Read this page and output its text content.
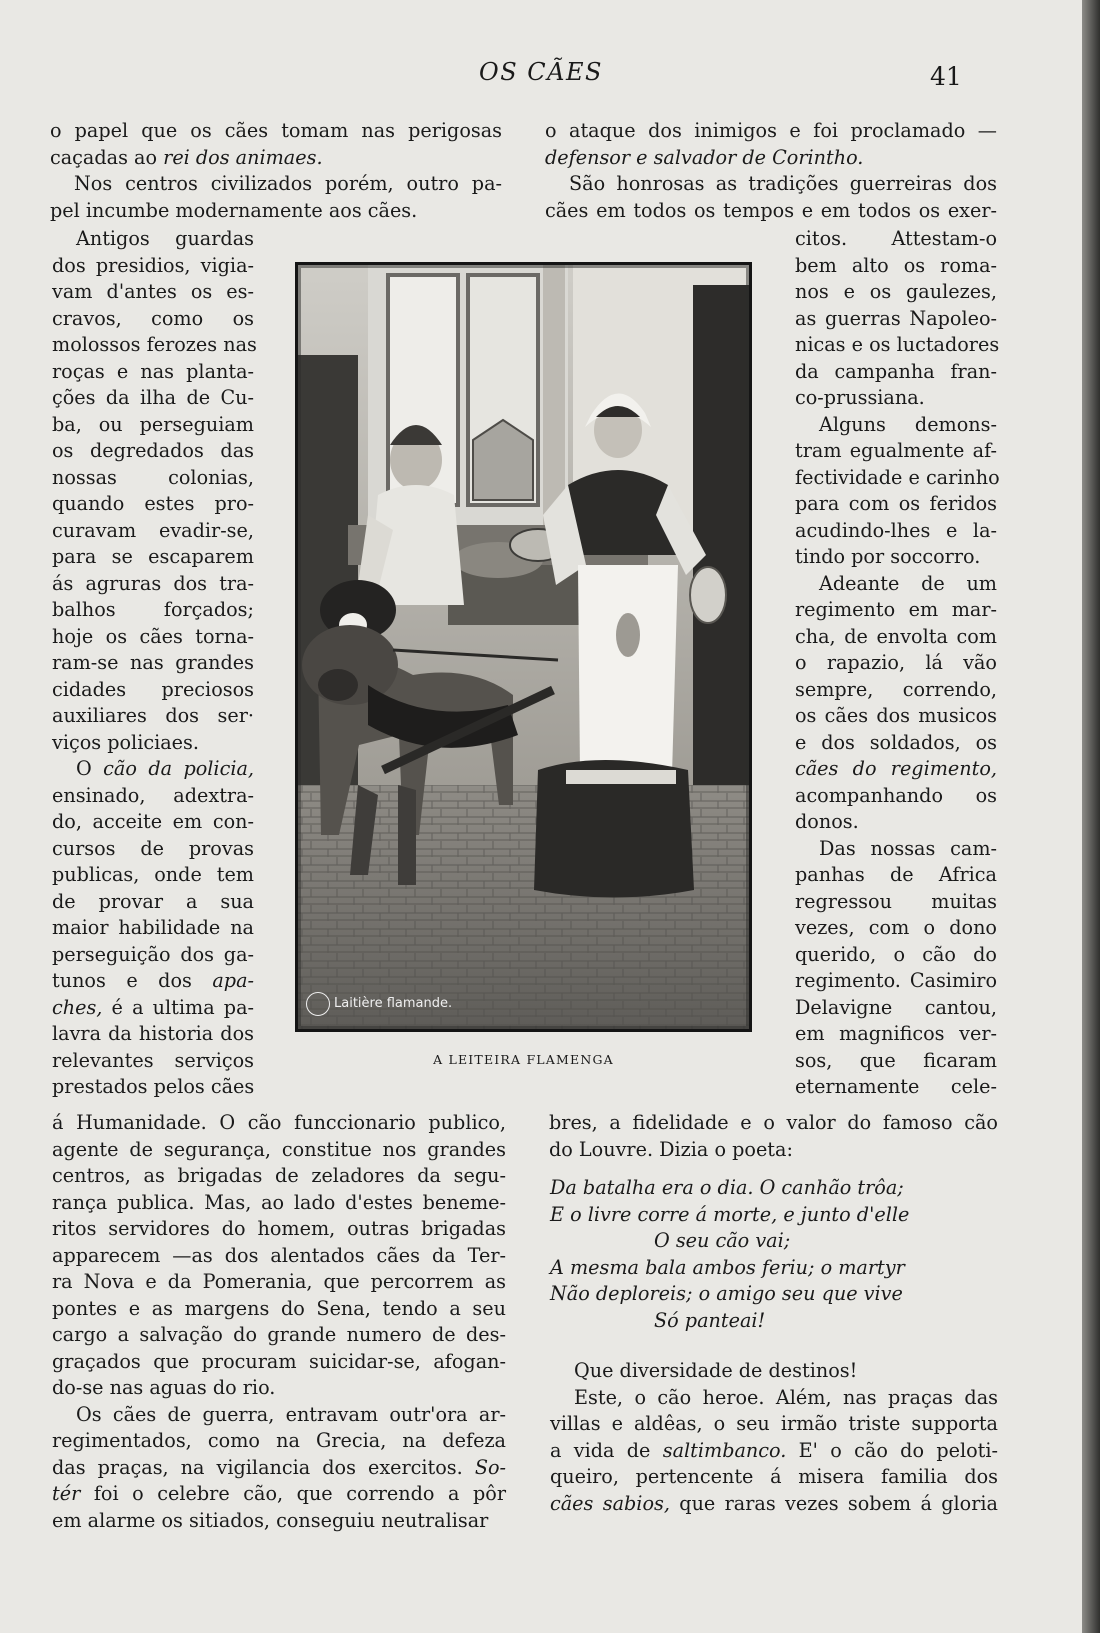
OS CÃES	41
o papel que os cães tomam nas perigosas
caçadas ao rei dos animaes.
Nos centros civilizados porém, outro pa-
pel incumbe modernamente aos cães.
Antigos guardas
dos presidios, vigia-
vam d'antes os es-
cravos, como os
molossos ferozes nas
roças e nas planta-
ções da ilha de Cu-
ba, ou perseguiam
os degredados das
nossas colonias,
quando estes pro-
curavam evadir-se,
para se escaparem
ás agruras dos tra-
balhos forçados;
hoje os cães torna-
ram-se nas grandes
cidades preciosos
auxiliares dos ser·
viços policiaes.
O cão da policia,
ensinado, adextra-
do, acceite em con-
cursos de provas
publicas, onde tem
de provar a sua
maior habilidade na
perseguição dos ga-
tunos e dos apa-
ches, é a ultima pa-
lavra da historia dos
relevantes serviços
prestados pelos cães
á Humanidade. O cão funccionario publico,
agente de segurança, constitue nos grandes
centros, as brigadas de zeladores da segu-
rança publica. Mas, ao lado d'estes beneme-
ritos servidores do homem, outras brigadas
apparecem —as dos alentados cães da Ter-
ra Nova e da Pomerania, que percorrem as
pontes e as margens do Sena, tendo a seu
cargo a salvação do grande numero de des-
graçados que procuram suicidar-se, afogan-
do-se nas aguas do rio.
Os cães de guerra, entravam outr'ora ar-
regimentados, como na Grecia, na defeza
das praças, na vigilancia dos exercitos. So-
tér foi o celebre cão, que correndo a pôr
em alarme os sitiados, conseguiu neutralisar
Laitière flamande.
A LEITEIRA FLAMENGA
o ataque dos inimigos e foi proclamado —
defensor e salvador de Corintho.
São honrosas as tradições guerreiras dos
cães em todos os tempos e em todos os exer-
citos. Attestam-o
bem alto os roma-
nos e os gaulezes,
as guerras Napoleo-
nicas e os luctadores
da campanha fran-
co-prussiana.
Alguns demons-
tram egualmente af-
fectividade e carinho
para com os feridos
acudindo-lhes e la-
tindo por soccorro.
Adeante de um
regimento em mar-
cha, de envolta com
o rapazio, lá vão
sempre, correndo,
os cães dos musicos
e dos soldados, os
cães do regimento,
acompanhando os
donos.
Das nossas cam-
panhas de Africa
regressou muitas
vezes, com o dono
querido, o cão do
regimento. Casimiro
Delavigne cantou,
em magnificos ver-
sos, que ficaram
eternamente cele-
bres, a fidelidade e o valor do famoso cão
do Louvre. Dizia o poeta:
Da batalha era o dia. O canhão trôa;
E o livre corre á morte, e junto d'elle
O seu cão vai;
A mesma bala ambos feriu; o martyr
Não deploreis; o amigo seu que vive
Só panteai!
Que diversidade de destinos!
Este, o cão heroe. Além, nas praças das
villas e aldêas, o seu irmão triste supporta
a vida de saltimbanco. E' o cão do peloti-
queiro, pertencente á misera familia dos
cães sabios, que raras vezes sobem á gloria
